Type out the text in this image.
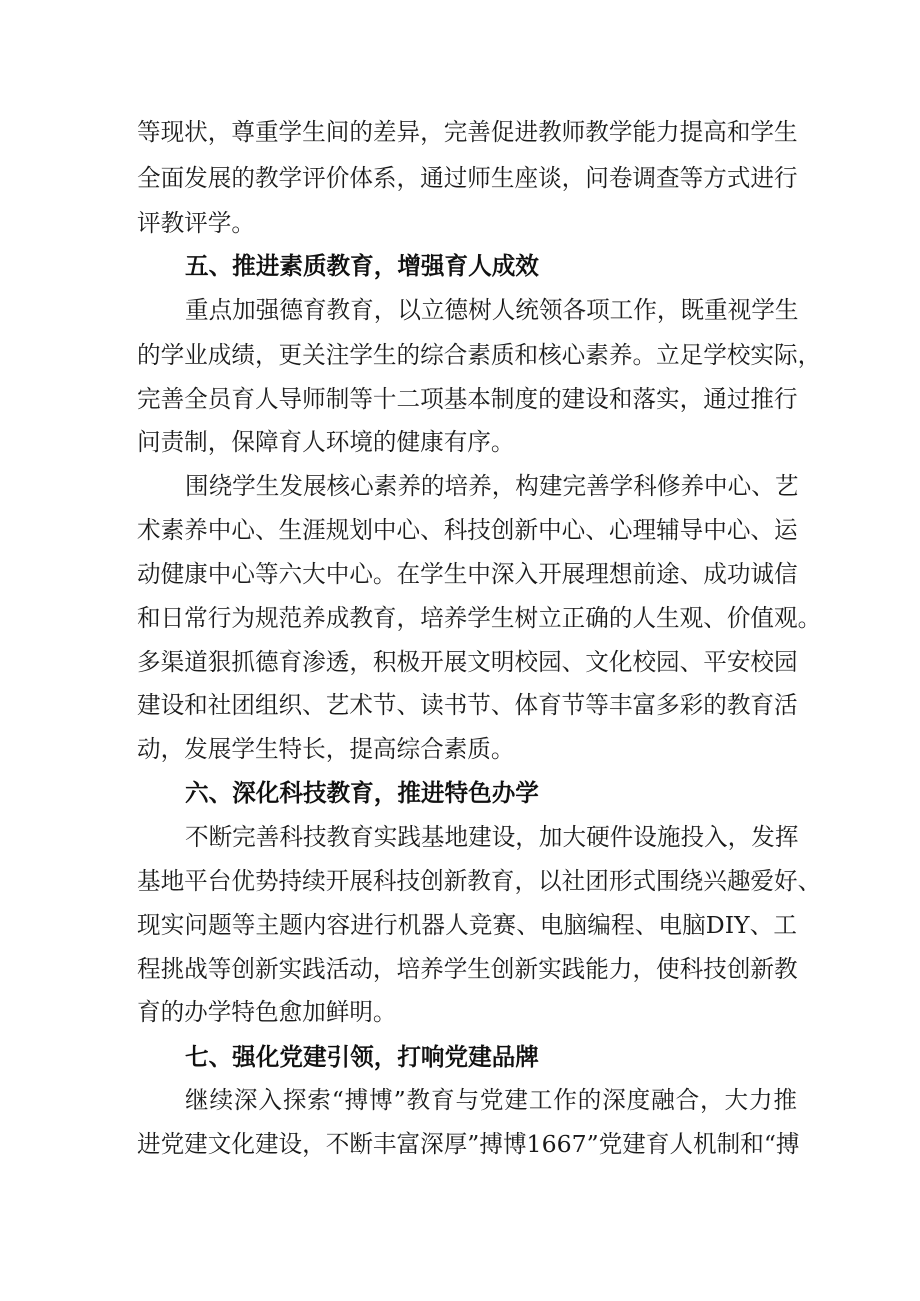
等现状，尊重学生间的差异，完善促进教师教学能力提高和学生
全面发展的教学评价体系，通过师生座谈，问卷调查等方式进行
评教评学。
五、推进素质教育，增强育人成效
重点加强德育教育，以立德树人统领各项工作，既重视学生
的学业成绩，更关注学生的综合素质和核心素养。立足学校实际，
完善全员育人导师制等十二项基本制度的建设和落实，通过推行
问责制，保障育人环境的健康有序。
围绕学生发展核心素养的培养，构建完善学科修养中心、艺
术素养中心、生涯规划中心、科技创新中心、心理辅导中心、运
动健康中心等六大中心。在学生中深入开展理想前途、成功诚信
和日常行为规范养成教育，培养学生树立正确的人生观、价值观。
多渠道狠抓德育渗透，积极开展文明校园、文化校园、平安校园
建设和社团组织、艺术节、读书节、体育节等丰富多彩的教育活
动，发展学生特长，提高综合素质。
六、深化科技教育，推进特色办学
不断完善科技教育实践基地建设，加大硬件设施投入，发挥
基地平台优势持续开展科技创新教育，以社团形式围绕兴趣爱好、
现实问题等主题内容进行机器人竞赛、电脑编程、电脑DIY、工
程挑战等创新实践活动，培养学生创新实践能力，使科技创新教
育的办学特色愈加鲜明。
七、强化党建引领，打响党建品牌
继续深入探索“搏博”教育与党建工作的深度融合，大力推
进党建文化建设，不断丰富深厚”搏博1667”党建育人机制和“搏
